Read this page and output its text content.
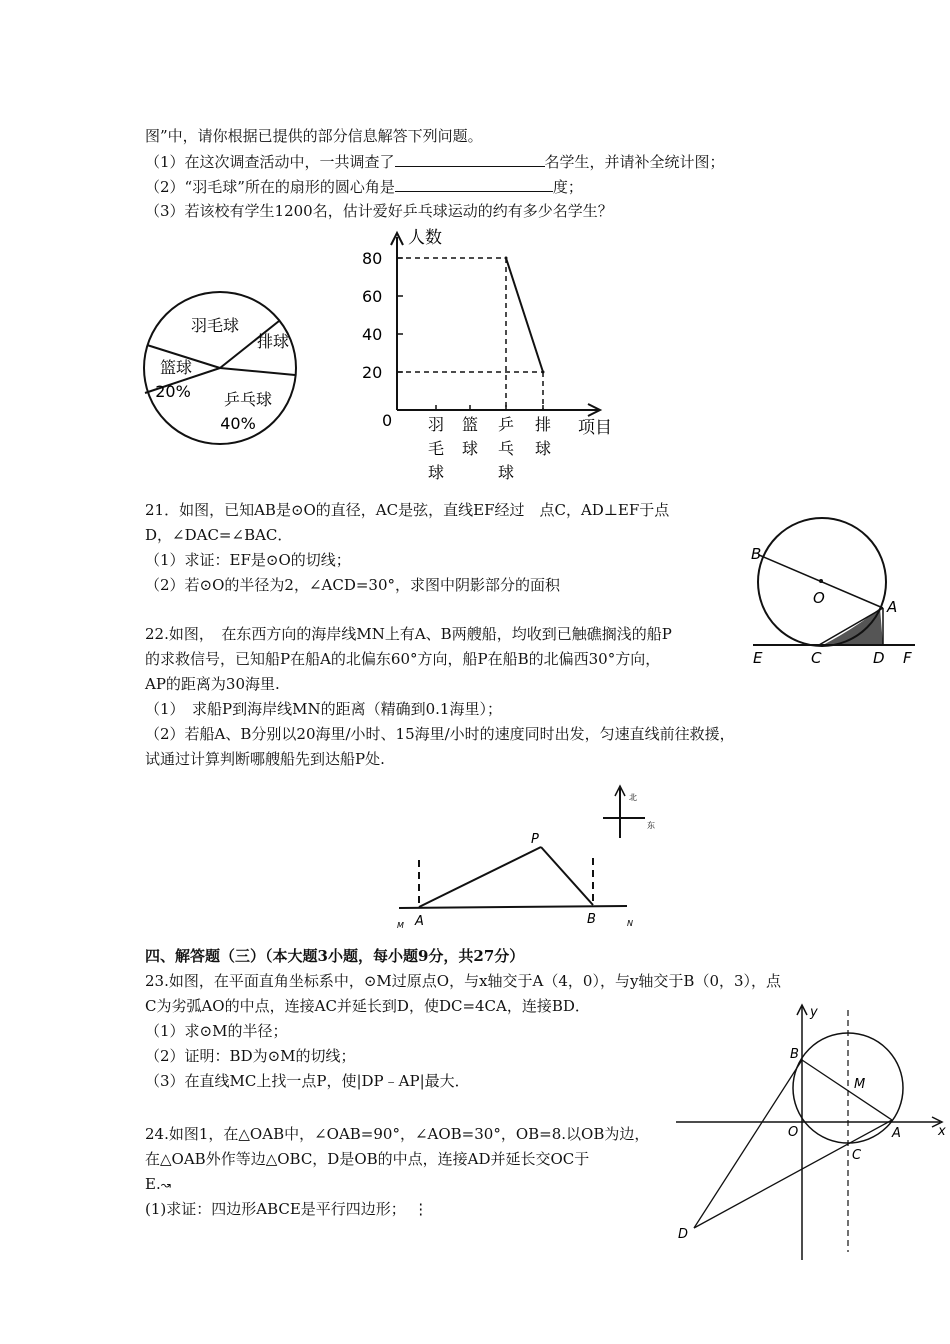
图”中，请你根据已提供的部分信息解答下列问题。
（1）在这次调查活动中，一共调查了	名学生，并请补全统计图；
（2）“羽毛球”所在的扇形的圆心角是	度；
（3）若该校有学生1200名，估计爱好乒乓球运动的约有多少名学生？
羽毛球
排球
篮球
20% 乒乓球
40%
人数
项目
0
20
40
60
80
羽
毛
球
篮
球
乒
乓
球
排
球
21．如图，已知AB是⊙O的直径，AC是弦，直线EF经过　点C，AD⊥EF于点
D，∠DAC=∠BAC．
（1）求证：EF是⊙O的切线；
（2）若⊙O的半径为2，∠ACD=30°，求图中阴影部分的面积
B
O	A
E	C	D F
22.如图，　在东西方向的海岸线MN上有A、B两艘船，均收到已触礁搁浅的船P
的求救信号，已知船P在船A的北偏东60°方向，船P在船B的北偏西30°方向，
AP的距离为30海里.
（1）　求船P到海岸线MN的距离（精确到0.1海里）；
（2）若船A、B分别以20海里/小时、15海里/小时的速度同时出发，匀速直线前往救援，
试通过计算判断哪艘船先到达船P处.
北
东
P
A	B
M	N
四、解答题（三）（本大题3小题，每小题9分，共27分）
23.如图，在平面直角坐标系中，⊙M过原点O，与x轴交于A（4，0），与y轴交于B（0，3），点
C为劣弧AO的中点，连接AC并延长到D，使DC=4CA，连接BD．
（1）求⊙M的半径；
（2）证明：BD为⊙M的切线；
（3）在直线MC上找一点P，使|DP﹣AP|最大．
y
x
B
M
O	A
C
D
24.如图1，在△OAB中，∠OAB=90°，∠AOB=30°，OB=8.以OB为边，
在△OAB外作等边△OBC，D是OB的中点，连接AD并延长交OC于
E.↝
(1)求证：四边形ABCE是平行四边形；　⋮
